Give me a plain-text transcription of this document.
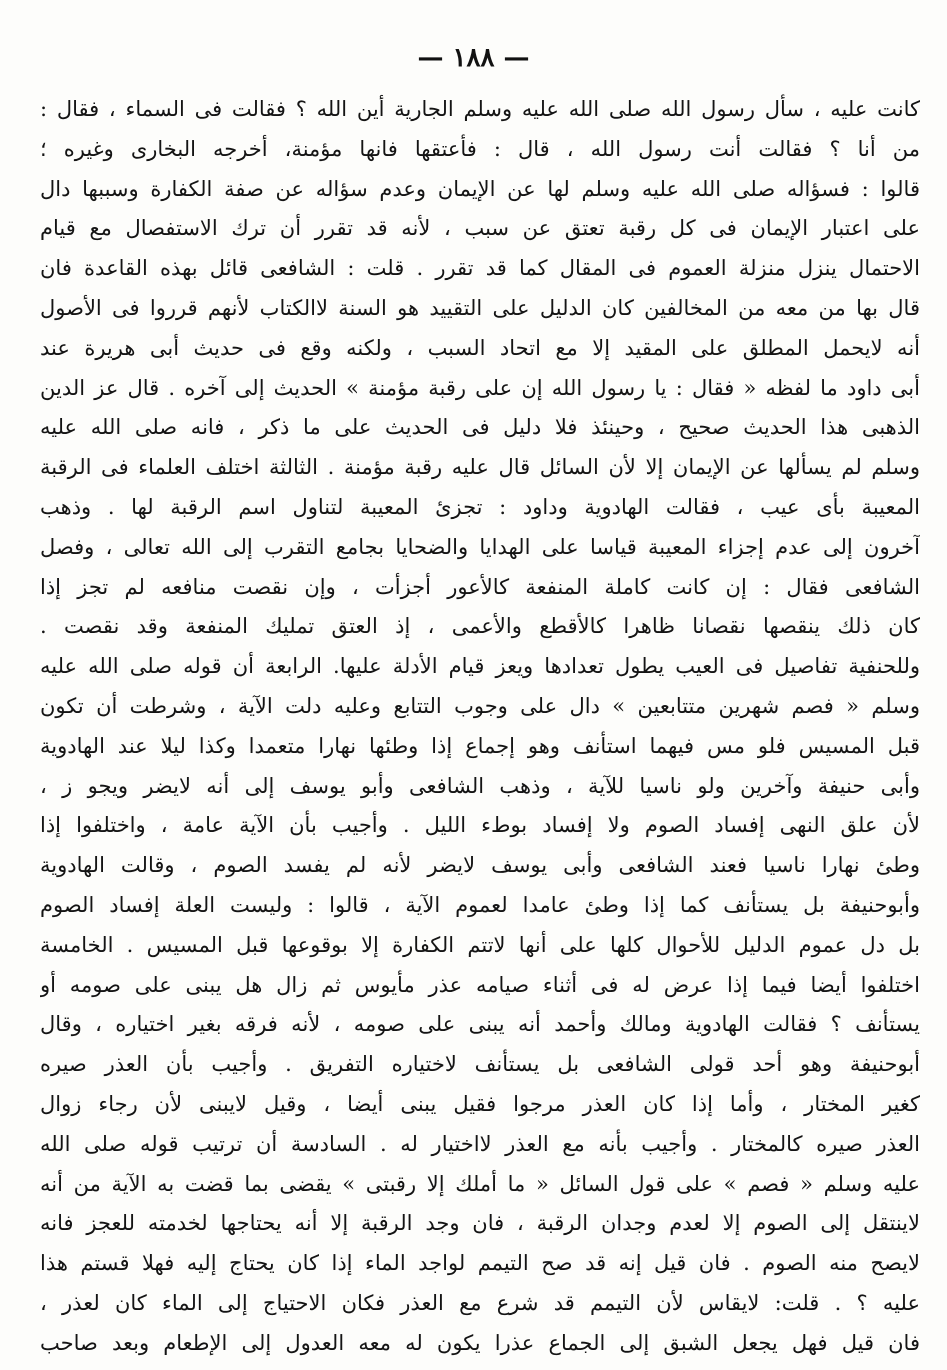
— ١٨٨ —
كانت عليه ، سأل رسول الله صلى الله عليه وسلم الجارية أين الله ؟ فقالت فى السماء ، فقال :
من أنا ؟ فقالت أنت رسول الله ، قال : فأعتقها فانها مؤمنة، أخرجه البخارى وغيره ؛
قالوا : فسؤاله صلى الله عليه وسلم لها عن الإيمان وعدم سؤاله عن صفة الكفارة وسببها دال
على اعتبار الإيمان فى كل رقبة تعتق عن سبب ، لأنه قد تقرر أن ترك الاستفصال مع قيام
الاحتمال ينزل منزلة العموم فى المقال كما قد تقرر . قلت : الشافعى قائل بهذه القاعدة فان
قال بها من معه من المخالفين كان الدليل على التقييد هو السنة لاالكتاب لأنهم قرروا فى الأصول
أنه لايحمل المطلق على المقيد إلا مع اتحاد السبب ، ولكنه وقع فى حديث أبى هريرة عند
أبى داود ما لفظه « فقال : يا رسول الله إن على رقبة مؤمنة » الحديث إلى آخره . قال عز الدين
الذهبى هذا الحديث صحيح ، وحينئذ فلا دليل فى الحديث على ما ذكر ، فانه صلى الله عليه
وسلم لم يسألها عن الإيمان إلا لأن السائل قال عليه رقبة مؤمنة . الثالثة اختلف العلماء فى الرقبة
المعيبة بأى عيب ، فقالت الهادوية وداود : تجزئ المعيبة لتناول اسم الرقبة لها . وذهب
آخرون إلى عدم إجزاء المعيبة قياسا على الهدايا والضحايا بجامع التقرب إلى الله تعالى ، وفصل
الشافعى فقال : إن كانت كاملة المنفعة كالأعور أجزأت ، وإن نقصت منافعه لم تجز إذا
كان ذلك ينقصها نقصانا ظاهرا كالأقطع والأعمى ، إذ العتق تمليك المنفعة وقد نقصت .
وللحنفية تفاصيل فى العيب يطول تعدادها ويعز قيام الأدلة عليها. الرابعة أن قوله صلى الله عليه
وسلم « فصم شهرين متتابعين » دال على وجوب التتابع وعليه دلت الآية ، وشرطت أن تكون
قبل المسيس فلو مس فيهما استأنف وهو إجماع إذا وطئها نهارا متعمدا وكذا ليلا عند الهادوية
وأبى حنيفة وآخرين ولو ناسيا للآية ، وذهب الشافعى وأبو يوسف إلى أنه لايضر ويجو ز ،
لأن علق النهى إفساد الصوم ولا إفساد بوطء الليل . وأجيب بأن الآية عامة ، واختلفوا إذا
وطئ نهارا ناسيا فعند الشافعى وأبى يوسف لايضر لأنه لم يفسد الصوم ، وقالت الهادوية
وأبوحنيفة بل يستأنف كما إذا وطئ عامدا لعموم الآية ، قالوا : وليست العلة إفساد الصوم
بل دل عموم الدليل للأحوال كلها على أنها لاتتم الكفارة إلا بوقوعها قبل المسيس . الخامسة
اختلفوا أيضا فيما إذا عرض له فى أثناء صيامه عذر مأيوس ثم زال هل يبنى على صومه أو
يستأنف ؟ فقالت الهادوية ومالك وأحمد أنه يبنى على صومه ، لأنه فرقه بغير اختياره ، وقال
أبوحنيفة وهو أحد قولى الشافعى بل يستأنف لاختياره التفريق . وأجيب بأن العذر صيره
كغير المختار ، وأما إذا كان العذر مرجوا فقيل يبنى أيضا ، وقيل لايبنى لأن رجاء زوال
العذر صيره كالمختار . وأجيب بأنه مع العذر لااختيار له . السادسة أن ترتيب قوله صلى الله
عليه وسلم « فصم » على قول السائل « ما أملك إلا رقبتى » يقضى بما قضت به الآية من أنه
لاينتقل إلى الصوم إلا لعدم وجدان الرقبة ، فان وجد الرقبة إلا أنه يحتاجها لخدمته للعجز فانه
لايصح منه الصوم . فان قيل إنه قد صح التيمم لواجد الماء إذا كان يحتاج إليه فهلا قستم هذا
عليه ؟ . قلت: لايقاس لأن التيمم قد شرع مع العذر فكان الاحتياج إلى الماء كان لعذر ،
فان قيل فهل يجعل الشبق إلى الجماع عذرا يكون له معه العدول إلى الإطعام وبعد صاحب
